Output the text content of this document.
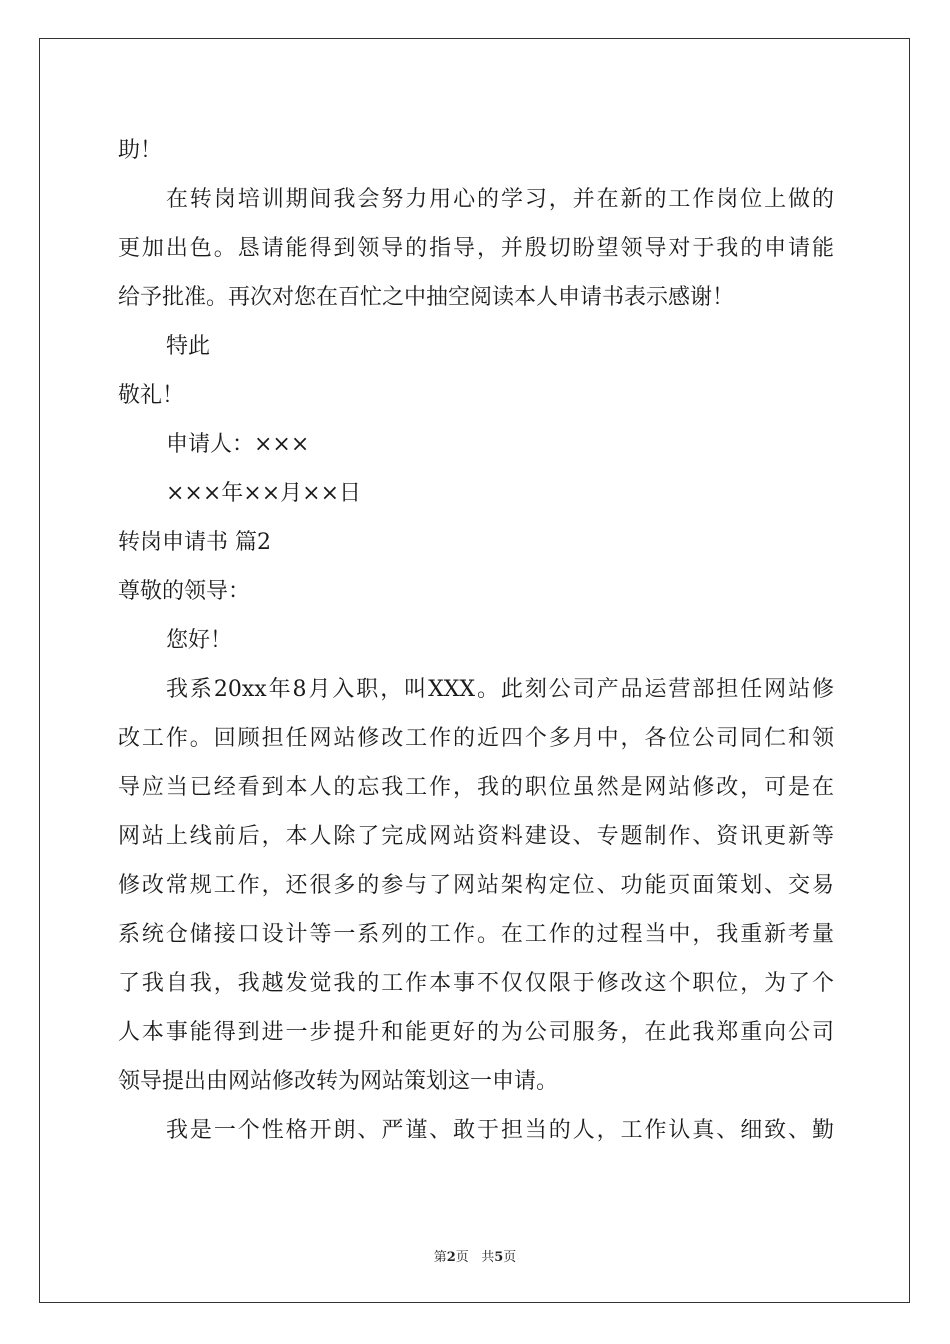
助！
在转岗培训期间我会努力用心的学习，并在新的工作岗位上做的
更加出色。恳请能得到领导的指导，并殷切盼望领导对于我的申请能
给予批准。再次对您在百忙之中抽空阅读本人申请书表示感谢！
特此
敬礼！
申请人：×××
×××年××月××日
转岗申请书 篇2
尊敬的领导：
您好！
我系20xx年8月入职，叫XXX。此刻公司产品运营部担任网站修
改工作。回顾担任网站修改工作的近四个多月中，各位公司同仁和领
导应当已经看到本人的忘我工作，我的职位虽然是网站修改，可是在
网站上线前后，本人除了完成网站资料建设、专题制作、资讯更新等
修改常规工作，还很多的参与了网站架构定位、功能页面策划、交易
系统仓储接口设计等一系列的工作。在工作的过程当中，我重新考量
了我自我，我越发觉我的工作本事不仅仅限于修改这个职位，为了个
人本事能得到进一步提升和能更好的为公司服务，在此我郑重向公司
领导提出由网站修改转为网站策划这一申请。
我是一个性格开朗、严谨、敢于担当的人，工作认真、细致、勤
第2页 共5页
